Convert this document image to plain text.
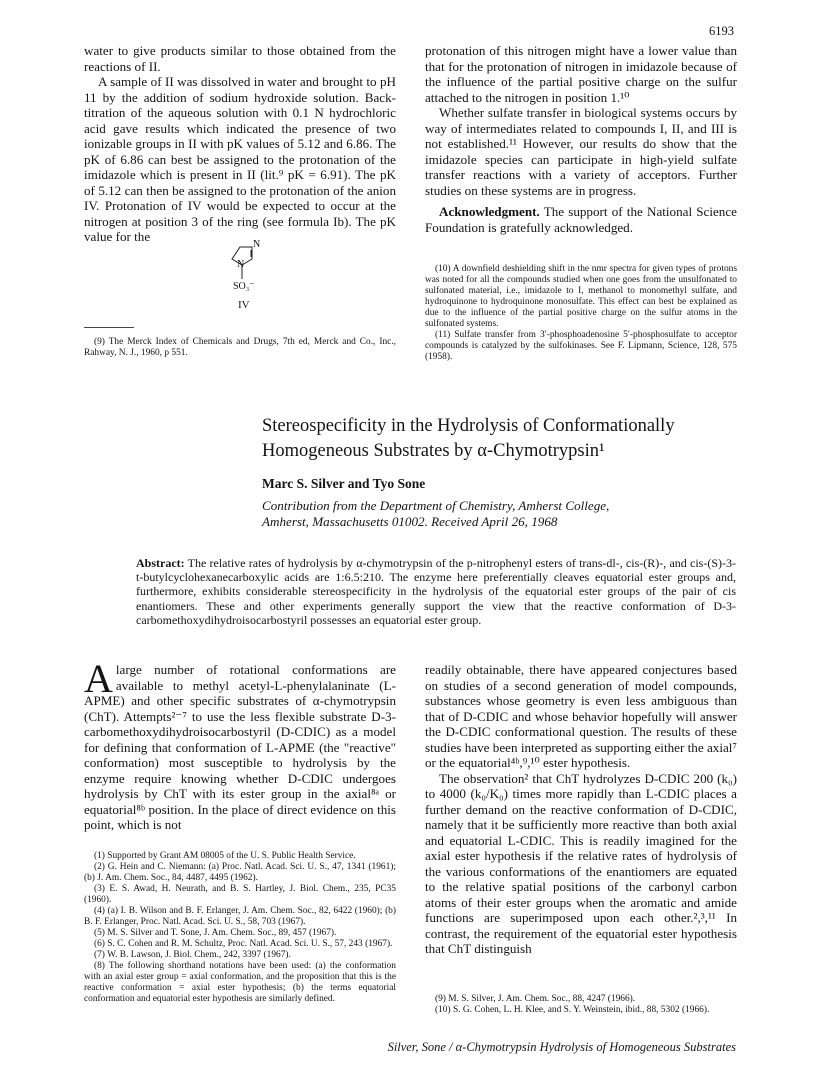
6193

water to give products similar to those obtained from the reactions of II.

A sample of II was dissolved in water and brought to pH 11 by the addition of sodium hydroxide solution. Back-titration of the aqueous solution with 0.1 N hydrochloric acid gave results which indicated the presence of two ionizable groups in II with pK values of 5.12 and 6.86. The pK of 6.86 can best be assigned to the protonation of the imidazole which is present in II (lit.⁹ pK = 6.91). The pK of 5.12 can then be assigned to the protonation of the anion IV. Protonation of IV would be expected to occur at the nitrogen at position 3 of the ring (see formula Ib). The pK value for the

N
N
SO₃⁻
IV

(9) The Merck Index of Chemicals and Drugs, 7th ed, Merck and Co., Inc., Rahway, N. J., 1960, p 551.

protonation of this nitrogen might have a lower value than that for the protonation of nitrogen in imidazole because of the influence of the partial positive charge on the sulfur attached to the nitrogen in position 1.¹⁰

Whether sulfate transfer in biological systems occurs by way of intermediates related to compounds I, II, and III is not established.¹¹ However, our results do show that the imidazole species can participate in high-yield sulfate transfer reactions with a variety of acceptors. Further studies on these systems are in progress.

Acknowledgment. The support of the National Science Foundation is gratefully acknowledged.

(10) A downfield deshielding shift in the nmr spectra for given types of protons was noted for all the compounds studied when one goes from the unsulfonated to sulfonated material, i.e., imidazole to I, methanol to monomethyl sulfate, and hydroquinone to hydroquinone monosulfate. This effect can best be explained as due to the influence of the partial positive charge on the sulfur atoms in the sulfonated systems.

(11) Sulfate transfer from 3′-phosphoadenosine 5′-phosphosulfate to acceptor compounds is catalyzed by the sulfokinases. See F. Lipmann, Science, 128, 575 (1958).

Stereospecificity in the Hydrolysis of Conformationally

Homogeneous Substrates by α-Chymotrypsin¹

Marc S. Silver and Tyo Sone

Contribution from the Department of Chemistry, Amherst College,

Amherst, Massachusetts 01002. Received April 26, 1968

Abstract: The relative rates of hydrolysis by α-chymotrypsin of the p-nitrophenyl esters of trans-dl-, cis-(R)-, and cis-(S)-3-t-butylcyclohexanecarboxylic acids are 1:6.5:210. The enzyme here preferentially cleaves equatorial ester groups and, furthermore, exhibits considerable stereospecificity in the hydrolysis of the equatorial ester groups of the pair of cis enantiomers. These and other experiments generally support the view that the reactive conformation of D-3-carbomethoxydihydroisocarbostyril possesses an equatorial ester group.

Alarge number of rotational conformations are available to methyl acetyl-L-phenylalaninate (L-APME) and other specific substrates of α-chymotrypsin (ChT). Attempts²⁻⁷ to use the less flexible substrate D-3-carbomethoxydihydroisocarbostyril (D-CDIC) as a model for defining that conformation of L-APME (the "reactive" conformation) most susceptible to hydrolysis by the enzyme require knowing whether D-CDIC undergoes hydrolysis by ChT with its ester group in the axial⁸ᵃ or equatorial⁸ᵇ position. In the place of direct evidence on this point, which is not

(1) Supported by Grant AM 08005 of the U. S. Public Health Service.

(2) G. Hein and C. Niemann: (a) Proc. Natl. Acad. Sci. U. S., 47, 1341 (1961); (b) J. Am. Chem. Soc., 84, 4487, 4495 (1962).

(3) E. S. Awad, H. Neurath, and B. S. Hartley, J. Biol. Chem., 235, PC35 (1960).

(4) (a) I. B. Wilson and B. F. Erlanger, J. Am. Chem. Soc., 82, 6422 (1960); (b) B. F. Erlanger, Proc. Natl. Acad. Sci. U. S., 58, 703 (1967).

(5) M. S. Silver and T. Sone, J. Am. Chem. Soc., 89, 457 (1967).

(6) S. C. Cohen and R. M. Schultz, Proc. Natl. Acad. Sci. U. S., 57, 243 (1967).

(7) W. B. Lawson, J. Biol. Chem., 242, 3397 (1967).

(8) The following shorthand notations have been used: (a) the conformation with an axial ester group = axial conformation, and the proposition that this is the reactive conformation = axial ester hypothesis; (b) the terms equatorial conformation and equatorial ester hypothesis are similarly defined.

readily obtainable, there have appeared conjectures based on studies of a second generation of model compounds, substances whose geometry is even less ambiguous than that of D-CDIC and whose behavior hopefully will answer the D-CDIC conformational question. The results of these studies have been interpreted as supporting either the axial⁷ or the equatorial⁴ᵇ,⁹,¹⁰ ester hypothesis.

The observation² that ChT hydrolyzes D-CDIC 200 (k₀) to 4000 (k₀/K₀) times more rapidly than L-CDIC places a further demand on the reactive conformation of D-CDIC, namely that it be sufficiently more reactive than both axial and equatorial L-CDIC. This is readily imagined for the axial ester hypothesis if the relative rates of hydrolysis of the various conformations of the enantiomers are equated to the relative spatial positions of the carbonyl carbon atoms of their ester groups when the aromatic and amide functions are superimposed upon each other.²,³,¹¹ In contrast, the requirement of the equatorial ester hypothesis that ChT distinguish

(9) M. S. Silver, J. Am. Chem. Soc., 88, 4247 (1966).

(10) S. G. Cohen, L. H. Klee, and S. Y. Weinstein, ibid., 88, 5302 (1966).

Silver, Sone / α-Chymotrypsin Hydrolysis of Homogeneous Substrates
